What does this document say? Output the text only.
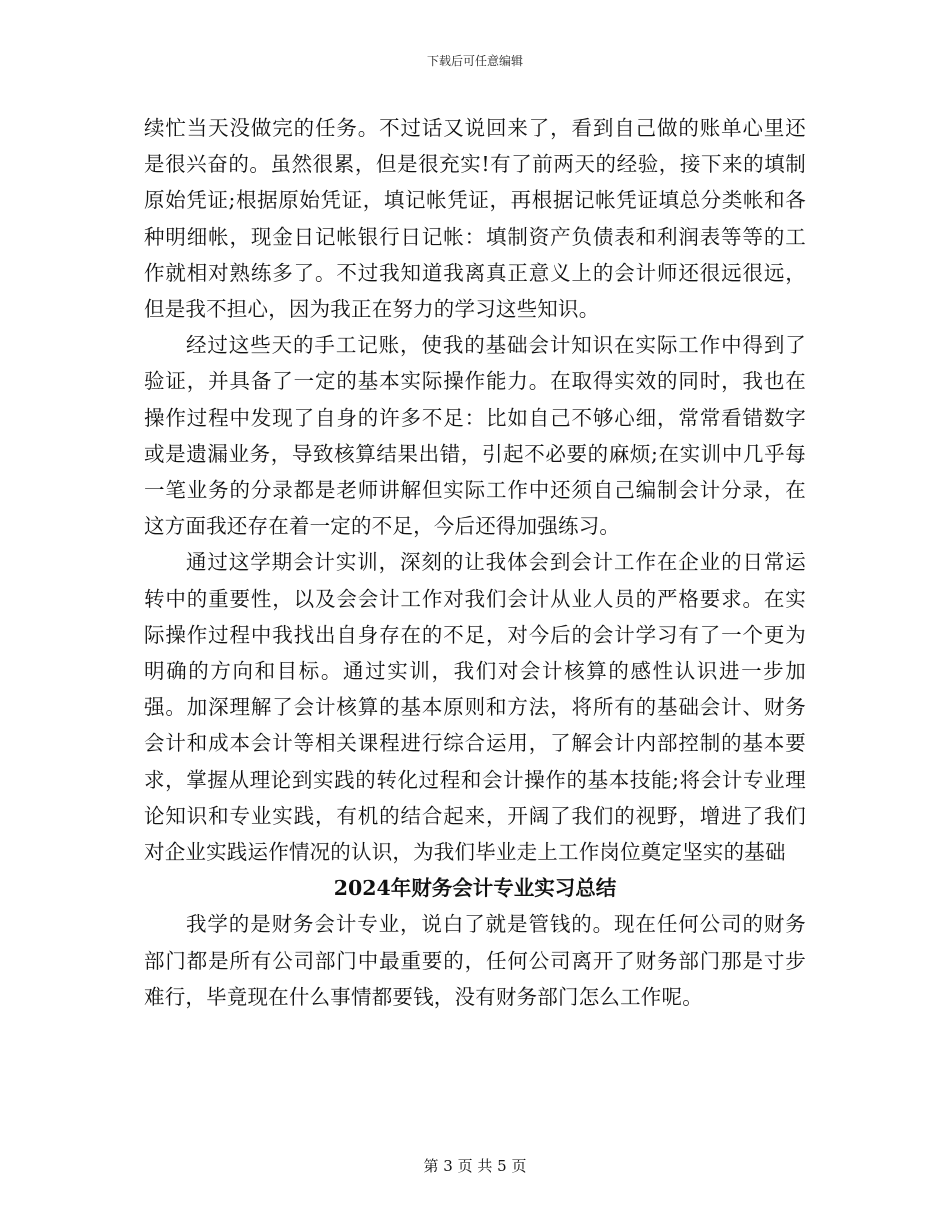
下载后可任意编辑

续忙当天没做完的任务。不过话又说回来了，看到自己做的账单心里还是很兴奋的。虽然很累，但是很充实!有了前两天的经验，接下来的填制原始凭证;根据原始凭证，填记帐凭证，再根据记帐凭证填总分类帐和各种明细帐，现金日记帐银行日记帐：填制资产负债表和利润表等等的工作就相对熟练多了。不过我知道我离真正意义上的会计师还很远很远，但是我不担心，因为我正在努力的学习这些知识。

经过这些天的手工记账，使我的基础会计知识在实际工作中得到了验证，并具备了一定的基本实际操作能力。在取得实效的同时，我也在操作过程中发现了自身的许多不足：比如自己不够心细，常常看错数字或是遗漏业务，导致核算结果出错，引起不必要的麻烦;在实训中几乎每一笔业务的分录都是老师讲解但实际工作中还须自己编制会计分录，在这方面我还存在着一定的不足，今后还得加强练习。

通过这学期会计实训，深刻的让我体会到会计工作在企业的日常运转中的重要性，以及会会计工作对我们会计从业人员的严格要求。在实际操作过程中我找出自身存在的不足，对今后的会计学习有了一个更为明确的方向和目标。通过实训，我们对会计核算的感性认识进一步加强。加深理解了会计核算的基本原则和方法，将所有的基础会计、财务会计和成本会计等相关课程进行综合运用，了解会计内部控制的基本要求，掌握从理论到实践的转化过程和会计操作的基本技能;将会计专业理论知识和专业实践，有机的结合起来，开阔了我们的视野，增进了我们对企业实践运作情况的认识，为我们毕业走上工作岗位奠定坚实的基础

2024年财务会计专业实习总结

我学的是财务会计专业，说白了就是管钱的。现在任何公司的财务部门都是所有公司部门中最重要的，任何公司离开了财务部门那是寸步难行，毕竟现在什么事情都要钱，没有财务部门怎么工作呢。

第 3 页 共 5 页
